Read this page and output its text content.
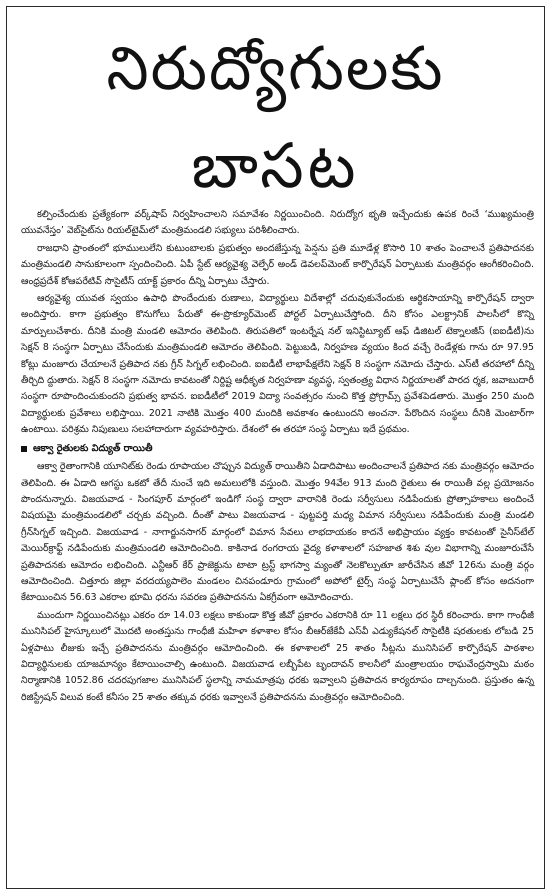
నిరుద్యోగులకు
బాసట

కల్పించేందుకు ప్రత్యేకంగా వర్క్‌షాప్ నిర్వహించాలని సమావేశం నిర్ణయించింది. నిరుద్యోగ భృతి ఇచ్చేందుకు ఉపక రించే ‘ముఖ్యమంత్రి యువనేస్తం’ వెబ్‌సైట్‌ను రియల్‌టైమ్‌లో మంత్రిమండలి సభ్యులు పరిశీలించారు.

రాజధాని ప్రాంతంలో భూములులేని కుటుంబాలకు ప్రభుత్వం అందజేస్తున్న పెన్షను ప్రతి మూడేళ్ల కొసారి 10 శాతం పెంచాలనే ప్రతిపాదనకు మంత్రిమండలి సానుకూలంగా స్పందించింది. ఏపీ స్టేట్ ఆర్యవైశ్య వెల్ఫేర్ అండ్ డెవలప్‌మెంట్ కార్పొరేషన్ ఏర్పాటుకు మంత్రివర్గం ఆంగీకరించింది. ఆంధ్రప్రదేశ్ కోఆపరేటివ్ సొసైటీస్ యాక్ట్ ప్రకారం దీన్ని ఏర్పాటు చేస్తారు.

ఆర్యవైశ్య యువత స్వయం ఉపాధి పొందేందుకు రుణాలు, విద్యార్థులు విదేశాల్లో చదువుకునేందుకు ఆర్థికసాయాన్ని కార్పొరేషన్ ద్వారా అందిస్తారు. కాగా ప్రభుత్వం కొనుగోలు పేరుతో ఈ-ప్రొక్యూర్‌మెంట్ పోర్టల్ ఏర్పాటుచేస్తోంది. దీని కోసం ఎలక్ట్రానిక్ పాలసీలో కొన్ని మార్పులుచేశారు. దీనికి మంత్రి మండలి ఆమోదం తెలిపింది. తిరుపతిలో ఇంటర్నేష నల్ ఇనిస్టిట్యూట్ ఆఫ్ డిజిటల్ టెక్నాలజీస్ (ఐఐడీటీ)ను సెక్షన్ 8 సంస్థగా ఏర్పాటు చేసేందుకు మంత్రిమండలి ఆమోదం తెలిపింది. పెట్టుబడి, నిర్వహణ వ్యయం కింద వచ్చే రెండేళ్లకు గాను రూ 97.95 కోట్లు మంజూరు చేయాలనే ప్రతిపాద నకు గ్రీన్ సిగ్నల్ లభించింది. ఐఐడీటీ లాభాపేక్షలేని సెక్షన్ 8 సంస్థగా నమోదు చేస్తారు. ఎస్‌టీ తరహాలో దీన్ని తీర్చిది ద్దుతారు. సెక్షన్ 8 సంస్థగా నమోదు కావటంతో నిర్దిష్ట ఆధీకృత నిర్వహణా వ్యవస్థ, స్వతంత్ర్య విధాన నిర్ణయాలతో పారద ర్శక, జవాబుదారీ సంస్థగా రూపొందించుకుందని ప్రభుత్వ భావన. ఐఐడీటీలో 2019 విద్యా సంవత్సరం నుంచి కొత్త ప్రోగ్రామ్స్ ప్రవేశపెడతారు. మొత్తం 250 మంది విద్యార్థులకు ప్రవేశాలు లభిస్తాయి. 2021 నాటికి మొత్తం 400 మందికి అవకాశం ఉంటుందని అంచనా. పేరొందిన సంస్థలు దీనికి మెంటార్‌గా ఉంటాయి. పరిశ్రమ నిపుణులు సలహాదారుగా వ్యవహరిస్తారు. దేశంలో ఈ తరహా సంస్థ ఏర్పాటు ఇదే ప్రథమం.

ఆక్వా రైతులకు విద్యుత్ రాయితీ

ఆక్వా రైతాంగానికి యూనిట్‌కు రెండు రూపాయల చొప్పున విద్యుత్ రాయితీని ఏడాదిపాటు అందించాలనే ప్రతిపాద నకు మంత్రివర్గం ఆమోదం తెలిపింది. ఈ ఏడాది ఆగస్టు ఒకటో తేదీ నుంచే ఇది అమలులోకి వస్తుంది. మొత్తం 94వేల 913 మంది రైతులు ఈ రాయితీ వల్ల ప్రయోజనం పొందనున్నారు. విజయవాడ - సింగపూర్ మార్గంలో ఇండిగో సంస్థ ద్వారా వారానికి రెండు సర్వీసులు నడిపేందుకు ప్రోత్సాహకాలు అందించే విషయమై మంత్రిమండలిలో చర్చకు వచ్చింది. దీంతో పాటు విజయవాడ - పుట్టపర్తి మధ్య విమాన సర్వీసులు నడిపేందుకు మంత్రి మండలి గ్రీన్‌సిగ్నల్ ఇచ్చింది. విజయవాడ - నాగార్జునసాగర్ మార్గంలో విమాన సేవలు లాభదాయకం కాదనే అభిప్రాయం వ్యక్తం కావటంతో సైనీస్‌టేల్ మెయిర్‌క్రాఫ్ట్ నడిపేందుకు మంత్రిమండలి ఆమోదించింది. కాకినాడ రంగరాయ వైద్య కళాశాలలో సహజాత శిశు వుల విభాగాన్ని మంజూరుచేసే ప్రతిపాదనకు ఆమోదం లభించింది. ఎన్టీఆర్ కేర్ ప్రాజెక్టును టాటా ట్రస్ట్ భాగస్వా మ్యంతో నెలకొల్పుతూ జారీచేసిన జీవో 126ను మంత్రి వర్గం ఆమోదించింది. చిత్తూరు జిల్లా వరదయ్యపాలెం మండలం చినపండూరు గ్రామంలో అపోలో టైర్స్ సంస్థ ఏర్పాటుచేసే ప్లాంట్ కోసం అదనంగా కేటాయించిన 56.63 ఎకరాల భూమి ధరను సవరణ ప్రతిపాదనను ఏకగ్రీవంగా ఆమోదించారు.

ముందుగా నిర్ణయించినట్లు ఎకరం రూ 14.03 లక్షలు కాకుండా కొత్త జీవో ప్రకారం ఎకరానికి రూ 11 లక్షలు ధర స్థిరీ కరించారు. కాగా గాంధీజీ మునిసిపల్ హైస్కూలులో మొదటి అంతస్తును గాంధీజీ మహిళా కళాశాల కోసం బీఆర్‌జేకేవీ ఎస్‌వీ ఎడ్యుకేషనల్ సొసైటీకి షరతులకు లోబడి 25 ఏళ్లపాటు లీజుకు ఇచ్చే ప్రతిపాదనను మంత్రివర్గం ఆమోదించింది. ఈ కళాశాలలో 25 శాతం సీట్లను మునిసిపల్ కార్పొరేషన్ పాఠశాల విద్యార్థినులకు యాజమాన్యం కేటాయించాల్సి ఉంటుంది. విజయవాడ లబ్బీపేట బృందావన్ కాలనీలో మంత్రాలయం రాఘవేంద్రస్వామి మఠం నిర్మాణానికి 1052.86 చదరపుగజాల మునిసిపల్ స్థలాన్ని నామమాత్రపు ధరకు ఇవ్వాలని ప్రతిపాదన కార్యరూపం దాల్చనుంది. ప్రస్తుతం ఉన్న రిజిస్ట్రేషన్ విలువ కంటే కనీసం 25 శాతం తక్కువ ధరకు ఇవ్వాలనే ప్రతిపాదనను మంత్రివర్గం ఆమోదించింది.
